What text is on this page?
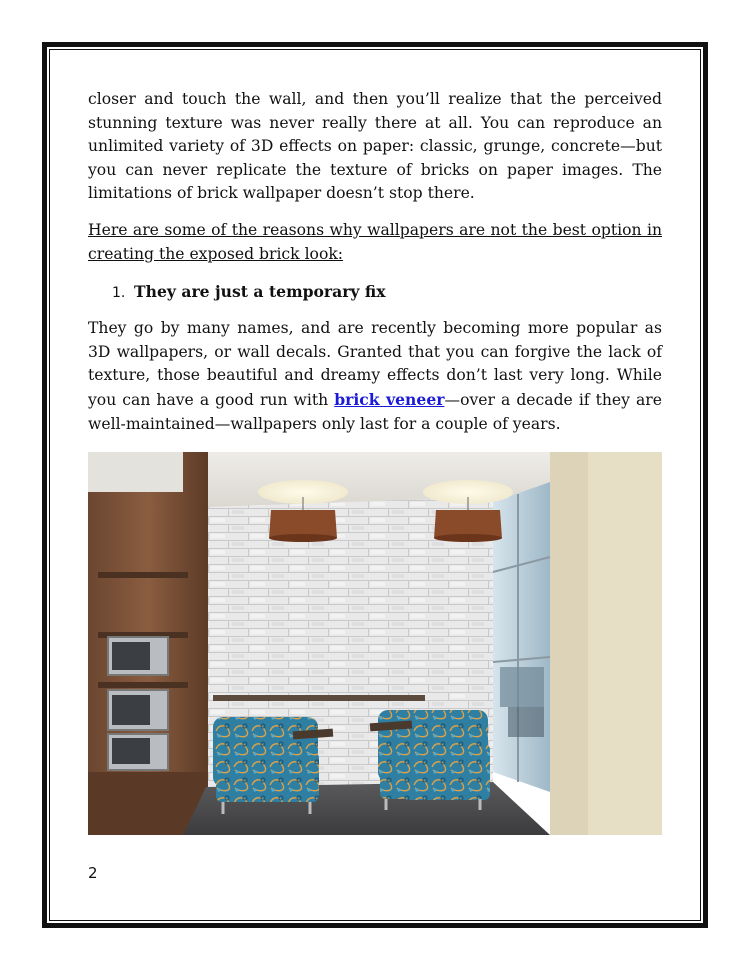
closer and touch the wall, and then you’ll realize that the perceived stunning texture was never really there at all. You can reproduce an unlimited variety of 3D effects on paper: classic, grunge, concrete—but you can never replicate the texture of bricks on paper images. The limitations of brick wallpaper doesn’t stop there.

Here are some of the reasons why wallpapers are not the best option in creating the exposed brick look:

1. They are just a temporary fix

They go by many names, and are recently becoming more popular as 3D wallpapers, or wall decals. Granted that you can forgive the lack of texture, those beautiful and dreamy effects don’t last very long. While you can have a good run with brick veneer—over a decade if they are well-maintained—wallpapers only last for a couple of years.

2
